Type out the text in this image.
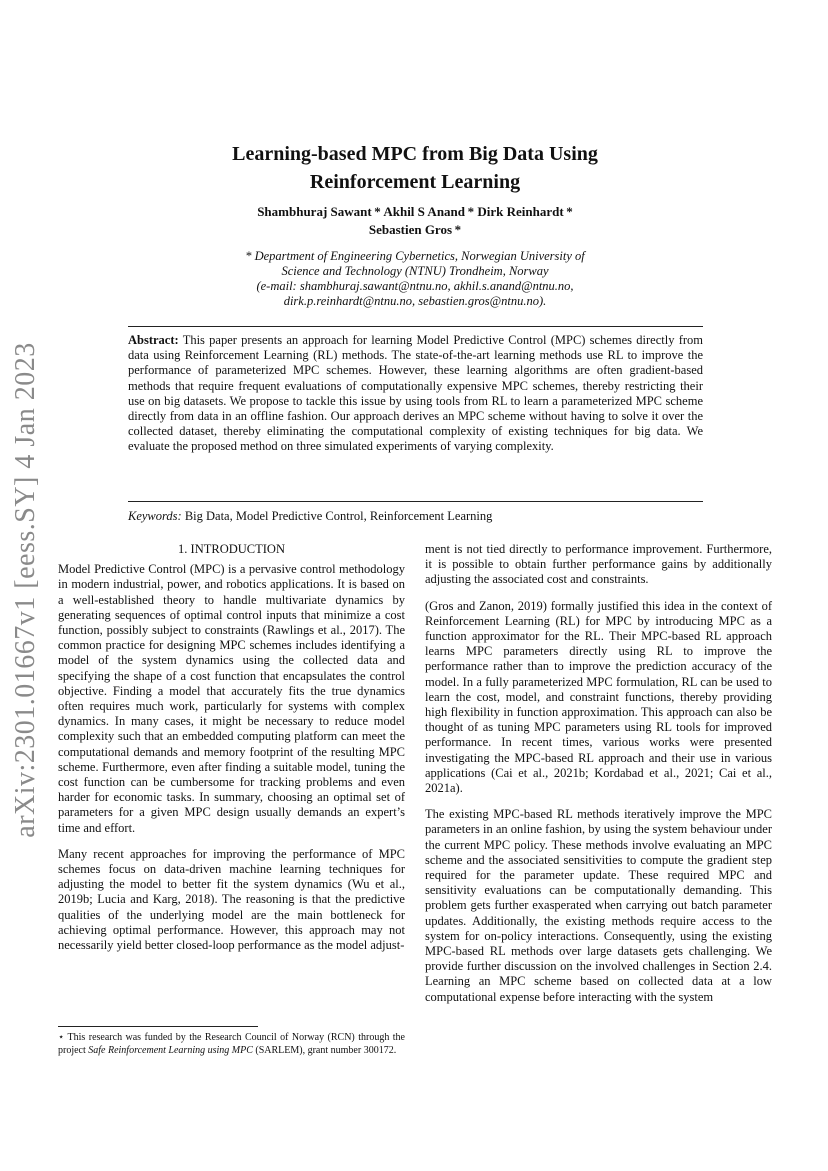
arXiv:2301.01667v1 [eess.SY] 4 Jan 2023
Learning-based MPC from Big Data Using
Reinforcement Learning
Shambhuraj Sawant * Akhil S Anand * Dirk Reinhardt *
Sebastien Gros *
* Department of Engineering Cybernetics, Norwegian University of
Science and Technology (NTNU) Trondheim, Norway
(e-mail: shambhuraj.sawant@ntnu.no, akhil.s.anand@ntnu.no,
dirk.p.reinhardt@ntnu.no, sebastien.gros@ntnu.no).

Abstract: This paper presents an approach for learning Model Predictive Control (MPC) schemes directly from data using Reinforcement Learning (RL) methods. The state-of-the-art learning methods use RL to improve the performance of parameterized MPC schemes. However, these learning algorithms are often gradient-based methods that require frequent evaluations of computationally expensive MPC schemes, thereby restricting their use on big datasets. We propose to tackle this issue by using tools from RL to learn a parameterized MPC scheme directly from data in an offline fashion. Our approach derives an MPC scheme without having to solve it over the collected dataset, thereby eliminating the computational complexity of existing techniques for big data. We evaluate the proposed method on three simulated experiments of varying complexity.

Keywords: Big Data, Model Predictive Control, Reinforcement Learning
1. INTRODUCTION

Model Predictive Control (MPC) is a pervasive control methodology in modern industrial, power, and robotics applications. It is based on a well-established theory to handle multivariate dynamics by generating sequences of optimal control inputs that minimize a cost function, possibly subject to constraints (Rawlings et al., 2017). The common practice for designing MPC schemes includes identifying a model of the system dynamics using the collected data and specifying the shape of a cost function that encapsulates the control objective. Finding a model that accurately fits the true dynamics often requires much work, particularly for systems with complex dynamics. In many cases, it might be necessary to reduce model complexity such that an embedded computing platform can meet the computational demands and memory footprint of the resulting MPC scheme. Furthermore, even after finding a suitable model, tuning the cost function can be cumbersome for tracking problems and even harder for economic tasks. In summary, choosing an optimal set of parameters for a given MPC design usually demands an expert’s time and effort.

Many recent approaches for improving the performance of MPC schemes focus on data-driven machine learning techniques for adjusting the model to better fit the system dynamics (Wu et al., 2019b; Lucia and Karg, 2018). The reasoning is that the predictive qualities of the underlying model are the main bottleneck for achieving optimal performance. However, this approach may not necessarily yield better closed-loop performance as the model adjust-

ment is not tied directly to performance improvement. Furthermore, it is possible to obtain further performance gains by additionally adjusting the associated cost and constraints.

(Gros and Zanon, 2019) formally justified this idea in the context of Reinforcement Learning (RL) for MPC by introducing MPC as a function approximator for the RL. Their MPC-based RL approach learns MPC parameters directly using RL to improve the performance rather than to improve the prediction accuracy of the model. In a fully parameterized MPC formulation, RL can be used to learn the cost, model, and constraint functions, thereby providing high flexibility in function approximation. This approach can also be thought of as tuning MPC parameters using RL tools for improved performance. In recent times, various works were presented investigating the MPC-based RL approach and their use in various applications (Cai et al., 2021b; Kordabad et al., 2021; Cai et al., 2021a).

The existing MPC-based RL methods iteratively improve the MPC parameters in an online fashion, by using the system behaviour under the current MPC policy. These methods involve evaluating an MPC scheme and the associated sensitivities to compute the gradient step required for the parameter update. These required MPC and sensitivity evaluations can be computationally demanding. This problem gets further exasperated when carrying out batch parameter updates. Additionally, the existing methods require access to the system for on-policy interactions. Consequently, using the existing MPC-based RL methods over large datasets gets challenging. We provide further discussion on the involved challenges in Section 2.4. Learning an MPC scheme based on collected data at a low computational expense before interacting with the system

⋆ This research was funded by the Research Council of Norway (RCN) through the project Safe Reinforcement Learning using MPC (SARLEM), grant number 300172.
